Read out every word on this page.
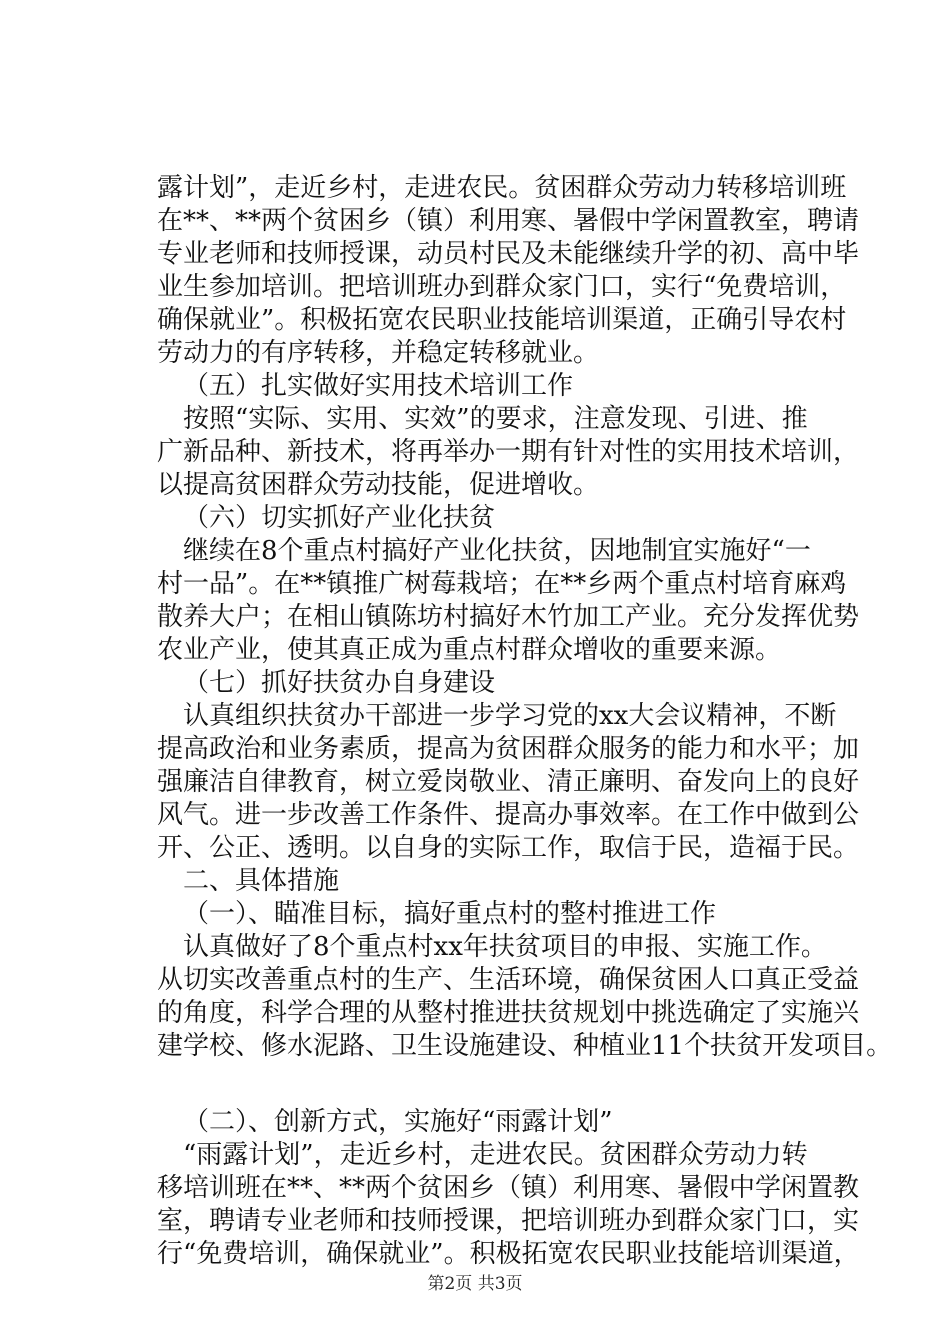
露计划”，走近乡村，走进农民。贫困群众劳动力转移培训班
在**、**两个贫困乡（镇）利用寒、暑假中学闲置教室，聘请
专业老师和技师授课，动员村民及未能继续升学的初、高中毕
业生参加培训。把培训班办到群众家门口，实行“免费培训，
确保就业”。积极拓宽农民职业技能培训渠道，正确引导农村
劳动力的有序转移，并稳定转移就业。

（五）扎实做好实用技术培训工作

按照“实际、实用、实效”的要求，注意发现、引进、推
广新品种、新技术，将再举办一期有针对性的实用技术培训，
以提高贫困群众劳动技能，促进增收。

（六）切实抓好产业化扶贫

继续在8个重点村搞好产业化扶贫，因地制宜实施好“一
村一品”。在**镇推广树莓栽培；在**乡两个重点村培育麻鸡
散养大户；在相山镇陈坊村搞好木竹加工产业。充分发挥优势
农业产业，使其真正成为重点村群众增收的重要来源。

（七）抓好扶贫办自身建设

认真组织扶贫办干部进一步学习党的xx大会议精神，不断
提高政治和业务素质，提高为贫困群众服务的能力和水平；加
强廉洁自律教育，树立爱岗敬业、清正廉明、奋发向上的良好
风气。进一步改善工作条件、提高办事效率。在工作中做到公
开、公正、透明。以自身的实际工作，取信于民，造福于民。

二、具体措施

（一）、瞄准目标，搞好重点村的整村推进工作

认真做好了8个重点村xx年扶贫项目的申报、实施工作。
从切实改善重点村的生产、生活环境，确保贫困人口真正受益
的角度，科学合理的从整村推进扶贫规划中挑选确定了实施兴
建学校、修水泥路、卫生设施建设、种植业11个扶贫开发项目。

（二）、创新方式，实施好“雨露计划”

“雨露计划”，走近乡村，走进农民。贫困群众劳动力转
移培训班在**、**两个贫困乡（镇）利用寒、暑假中学闲置教
室，聘请专业老师和技师授课，把培训班办到群众家门口，实
行“免费培训，确保就业”。积极拓宽农民职业技能培训渠道，

第2页 共3页
